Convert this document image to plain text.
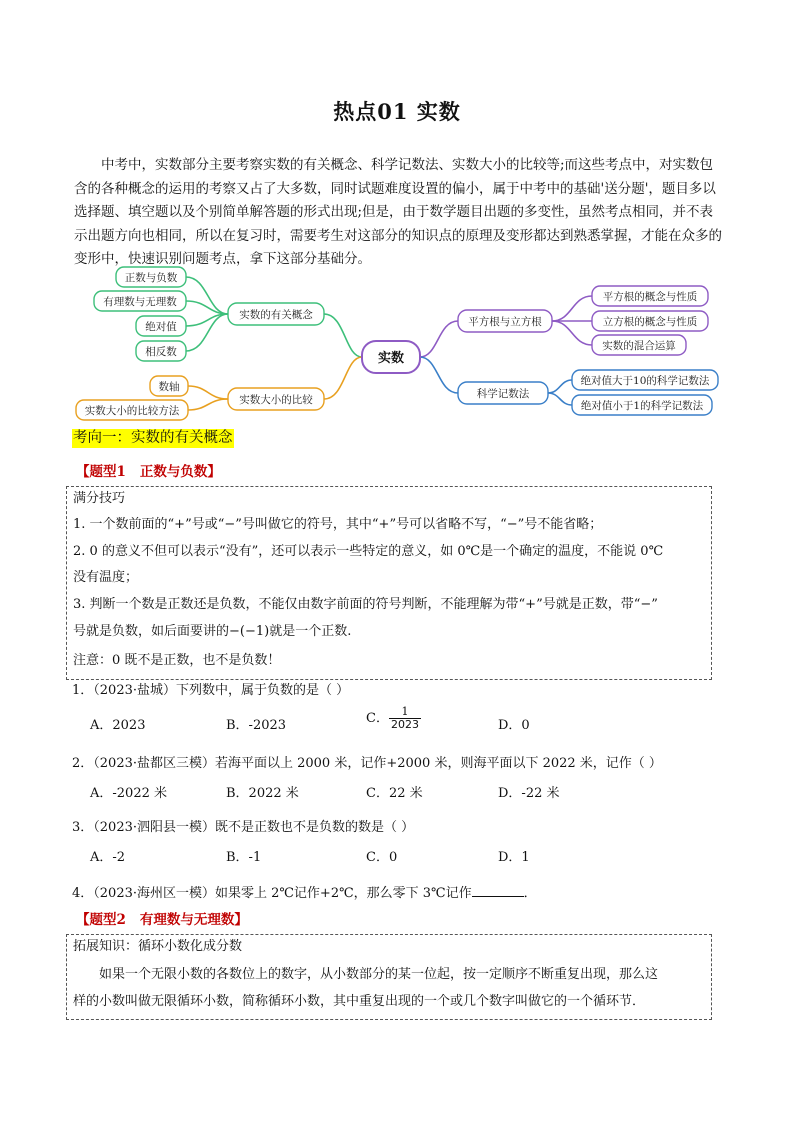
热点01 实数
中考中，实数部分主要考察实数的有关概念、科学记数法、实数大小的比较等;而这些考点中，对实数包含的各种概念的运用的考察又占了大多数，同时试题难度设置的偏小，属于中考中的基础'送分题'，题目多以选择题、填空题以及个别简单解答题的形式出现;但是，由于数学题目出题的多变性，虽然考点相同，并不表示出题方向也相同，所以在复习时，需要考生对这部分的知识点的原理及变形都达到熟悉掌握，才能在众多的变形中，快速识别问题考点，拿下这部分基础分。
正数与负数
有理数与无理数
绝对值
相反数
实数的有关概念
数轴
实数大小的比较方法
实数大小的比较
实数
平方根与立方根
平方根的概念与性质
立方根的概念与性质
实数的混合运算
科学记数法
绝对值大于10的科学记数法
绝对值小于1的科学记数法
考向一：实数的有关概念
【题型1 正数与负数】
满分技巧
1. 一个数前面的“+”号或“−”号叫做它的符号，其中“+”号可以省略不写，“−”号不能省略；
2. 0 的意义不但可以表示“没有”，还可以表示一些特定的意义，如 0℃是一个确定的温度，不能说 0℃
没有温度；
3. 判断一个数是正数还是负数，不能仅由数字前面的符号判断，不能理解为带“+”号就是正数，带“−”
号就是负数，如后面要讲的−(−1)就是一个正数.
注意：0 既不是正数，也不是负数！
1．（2023·盐城）下列数中，属于负数的是（ ）
A．2023	B．-2023	C． $\frac{1}{2023}$	D．0
2．（2023·盐都区三模）若海平面以上 2000 米，记作+2000 米，则海平面以下 2022 米，记作（ ）
A．-2022 米	B．2022 米	C．22 米	D．-22 米
3．（2023·泗阳县一模）既不是正数也不是负数的数是（ ）
A．-2	B．-1	C．0	D．1
4．（2023·海州区一模）如果零上 2℃记作+2℃，那么零下 3℃记作	．
【题型2 有理数与无理数】
拓展知识：循环小数化成分数
如果一个无限小数的各数位上的数字，从小数部分的某一位起，按一定顺序不断重复出现，那么这
样的小数叫做无限循环小数，简称循环小数，其中重复出现的一个或几个数字叫做它的一个循环节．
